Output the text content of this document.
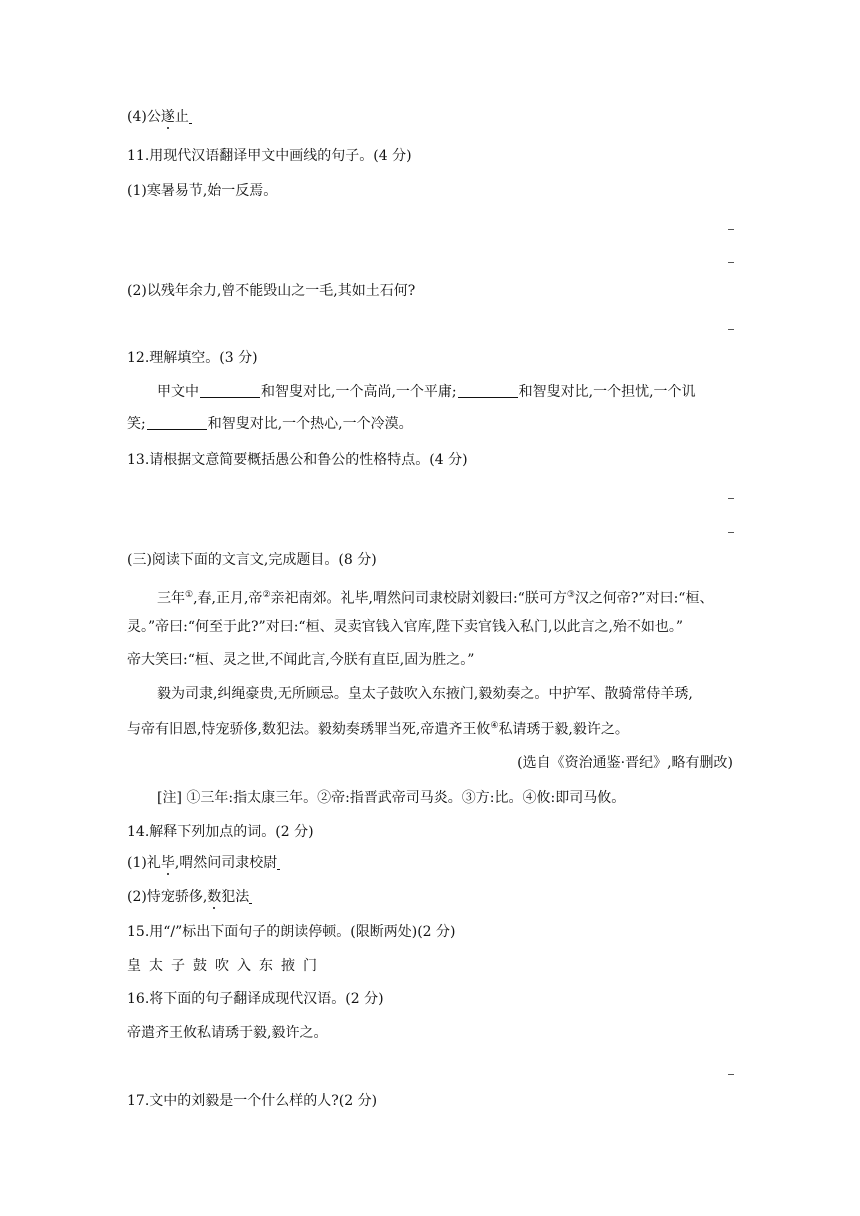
(4)公遂止
11.用现代汉语翻译甲文中画线的句子。(4 分)
(1)寒暑易节,始一反焉。
(2)以残年余力,曾不能毁山之一毛,其如土石何?
12.理解填空。(3 分)
甲文中	和智叟对比,一个高尚,一个平庸;	和智叟对比,一个担忧,一个讥
笑;	和智叟对比,一个热心,一个冷漠。
13.请根据文意简要概括愚公和鲁公的性格特点。(4 分)
(三)阅读下面的文言文,完成题目。(8 分)
三年①,春,正月,帝②亲祀南郊。礼毕,喟然问司隶校尉刘毅曰:“朕可方③汉之何帝?”对曰:“桓、
灵。”帝曰:“何至于此?”对曰:“桓、灵卖官钱入官库,陛下卖官钱入私门,以此言之,殆不如也。”
帝大笑曰:“桓、灵之世,不闻此言,今朕有直臣,固为胜之。”
毅为司隶,纠绳豪贵,无所顾忌。皇太子鼓吹入东掖门,毅劾奏之。中护军、散骑常侍羊琇,
与帝有旧恩,恃宠骄侈,数犯法。毅劾奏琇罪当死,帝遣齐王攸④私请琇于毅,毅许之。
(选自《资治通鉴·晋纪》,略有删改)
[注] ①三年:指太康三年。②帝:指晋武帝司马炎。③方:比。④攸:即司马攸。
14.解释下列加点的词。(2 分)
(1)礼毕,喟然问司隶校尉
(2)恃宠骄侈,数犯法
15.用“/”标出下面句子的朗读停顿。(限断两处)(2 分)
皇太子鼓吹入东掖门
16.将下面的句子翻译成现代汉语。(2 分)
帝遣齐王攸私请琇于毅,毅许之。
17.文中的刘毅是一个什么样的人?(2 分)
